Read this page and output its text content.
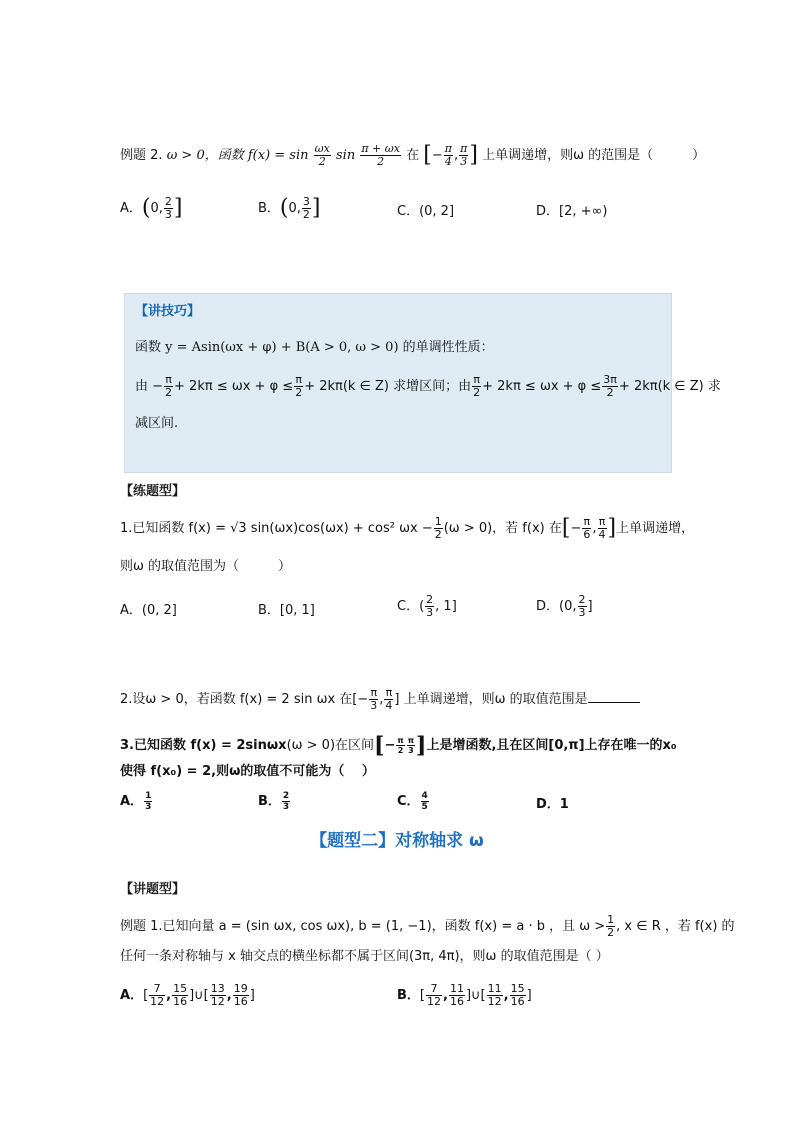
例题 2. ω > 0，函数 $f(x) = \sin \frac{\omega x}{2}$ $\sin \frac{\pi + \omega x}{2}$ 在 [− $\frac{\pi}{4}$ , $\frac{\pi}{3}$ ] 上单调递增，则ω 的范围是（　　　）
A．(0, $\frac{2}{3}$ ]	B．(0, $\frac{3}{2}$ ]	C．(0, 2]	D．[2, +∞)
【讲技巧】
函数 y = Asin(ωx + φ) + B(A > 0, ω > 0) 的单调性性质：
由 − $\frac{\pi}{2} + 2k\pi \le \omega x + \varphi \le \frac{\pi}{2} + 2k\pi(k$ ∈ Z) 求增区间；由 $\frac{\pi}{2} + 2k\pi \le \omega x + \varphi \le \frac{3\pi}{2} + 2k\pi(k$ ∈ Z) 求
减区间.
【练题型】
1.已知函数 f(x) = √3 sin(ωx)cos(ωx) + cos² $\omega x - \frac{1}{2} (\omega > 0)$，若 f(x) 在[− $\frac{\pi}{6}$ , $\frac{\pi}{4}$ ]上单调递增，
则ω 的取值范围为（　　　）
A．(0, 2]	B．[0, 1]	C．( $\frac{2}{3}$ , 1]	D．(0, $\frac{2}{3}$ ]
2.设ω > 0，若函数 f(x) = 2 sin ωx 在[− $\frac{\pi}{3}$ , $\frac{\pi}{4}$ ] 上单调递增，则ω 的取值范围是
3.已知函数 f(x) = 2sinωx(ω > 0)在区间[− $\frac{\pi}{2} \frac{\pi}{3}$ ]上是增函数,且在区间[0,π]上存在唯一的x₀
使得 f(x₀) = 2,则ω的取值不可能为（　 ）
A． $\frac{1}{3}$	B． $\frac{2}{3}$	C． $\frac{4}{5}$	D．1
【题型二】对称轴求 ω
【讲题型】
例题 1.已知向量 a = (sin ωx, cos ωx), b = (1, −1)，函数 f(x) = a · b ，且 $\omega > \frac{1}{2}$ , x ∈ R ，若 f(x) 的
任何一条对称轴与 x 轴交点的横坐标都不属于区间(3π, 4π)，则ω 的取值范围是（ ）
A．[ $\frac{7}{12}$ , $\frac{15}{16}$ ]∪[ $\frac{13}{12}$ , $\frac{19}{16}$ ]	B．[ $\frac{7}{12}$ , $\frac{11}{16}$ ]∪[ $\frac{11}{12}$ , $\frac{15}{16}$ ]
